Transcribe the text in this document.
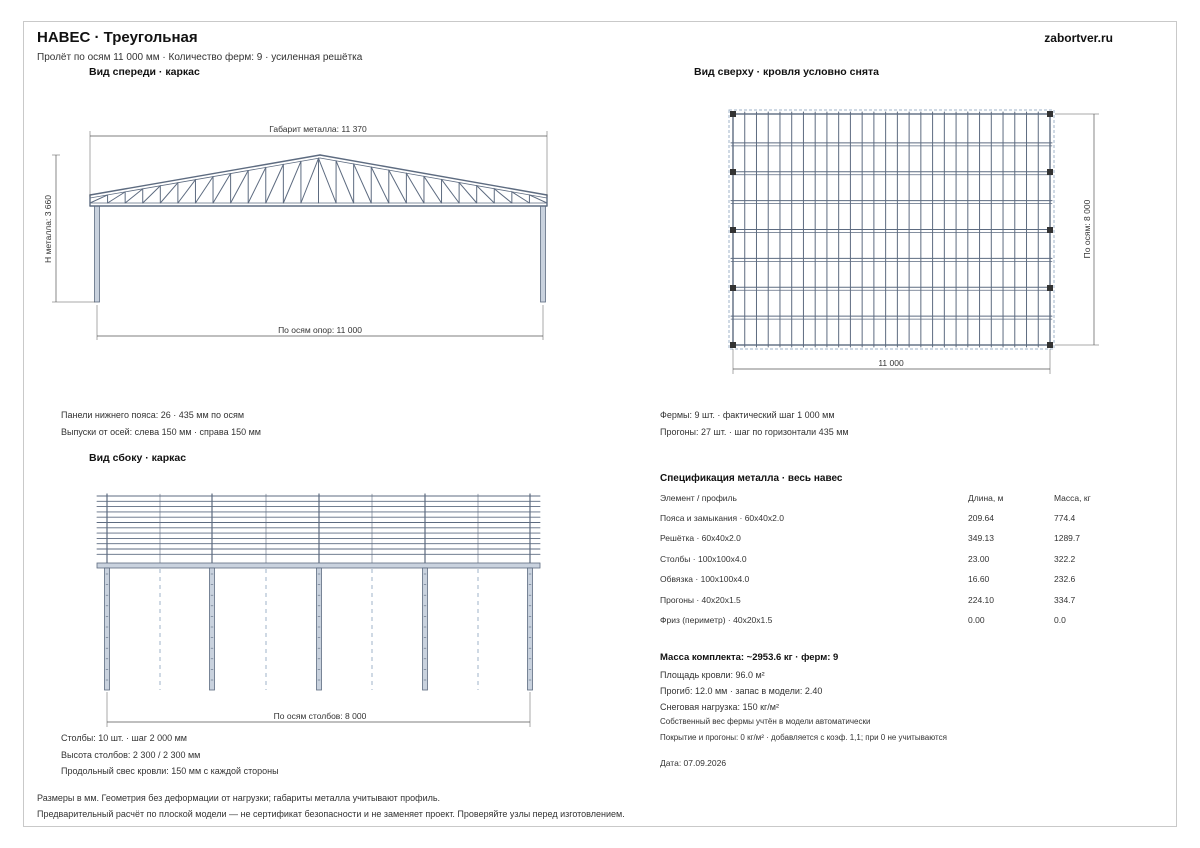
НАВЕС · Треугольная
Пролёт по осям 11 000 мм · Количество ферм: 9 · усиленная решётка
zabortver.ru
Вид спереди · каркас	Вид сверху · кровля условно снята
Вид сбоку · каркас
Габарит металла: 11 370
Н металла: 3 660
По осям опор: 11 000
11 000
По осям: 8 000
По осям столбов: 8 000
Панели нижнего пояса: 26 · 435 мм по осям
Выпуски от осей: слева 150 мм · справа 150 мм
Фермы: 9 шт. · фактический шаг 1 000 мм
Прогоны: 27 шт. · шаг по горизонтали 435 мм
Столбы: 10 шт. · шаг 2 000 мм
Высота столбов: 2 300 / 2 300 мм
Продольный свес кровли: 150 мм с каждой стороны
Спецификация металла · весь навес
Элемент / профиль	Длина, м	Масса, кг
Пояса и замыкания · 60x40x2.0	209.64	774.4
Решётка · 60x40x2.0	349.13	1289.7
Столбы · 100x100x4.0	23.00	322.2
Обвязка · 100x100x4.0	16.60	232.6
Прогоны · 40x20x1.5	224.10	334.7
Фриз (периметр) · 40x20x1.5	0.00	0.0
Масса комплекта: ~2953.6 кг · ферм: 9
Площадь кровли: 96.0 м²
Прогиб: 12.0 мм · запас в модели: 2.40
Снеговая нагрузка: 150 кг/м²
Собственный вес фермы учтён в модели автоматически
Покрытие и прогоны: 0 кг/м² · добавляется с коэф. 1,1; при 0 не учитываются
Дата: 07.09.2026
Размеры в мм. Геометрия без деформации от нагрузки; габариты металла учитывают профиль.
Предварительный расчёт по плоской модели — не сертификат безопасности и не заменяет проект. Проверяйте узлы перед изготовлением.
